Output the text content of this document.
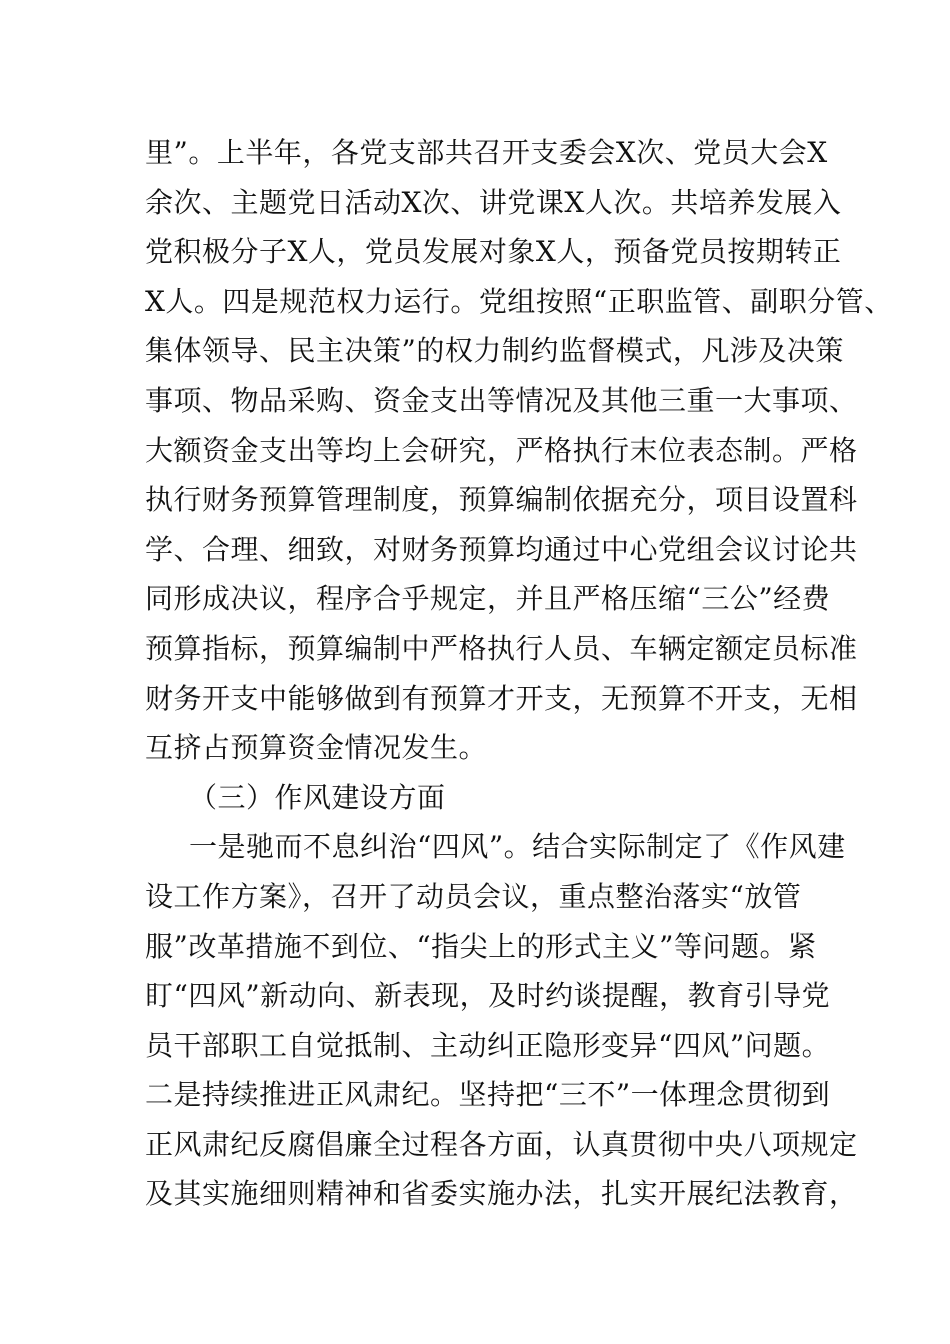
里”。上半年，各党支部共召开支委会X次、党员大会X
余次、主题党日活动X次、讲党课X人次。共培养发展入
党积极分子X人，党员发展对象X人，预备党员按期转正
X人。四是规范权力运行。党组按照“正职监管、副职分管、
集体领导、民主决策”的权力制约监督模式，凡涉及决策
事项、物品采购、资金支出等情况及其他三重一大事项、
大额资金支出等均上会研究，严格执行末位表态制。严格
执行财务预算管理制度，预算编制依据充分，项目设置科
学、合理、细致，对财务预算均通过中心党组会议讨论共
同形成决议，程序合乎规定，并且严格压缩“三公”经费
预算指标，预算编制中严格执行人员、车辆定额定员标准
财务开支中能够做到有预算才开支，无预算不开支，无相
互挤占预算资金情况发生。
（三）作风建设方面
一是驰而不息纠治“四风”。结合实际制定了《作风建
设工作方案》，召开了动员会议，重点整治落实“放管
服”改革措施不到位、“指尖上的形式主义”等问题。紧
盯“四风”新动向、新表现，及时约谈提醒，教育引导党
员干部职工自觉抵制、主动纠正隐形变异“四风”问题。
二是持续推进正风肃纪。坚持把“三不”一体理念贯彻到
正风肃纪反腐倡廉全过程各方面，认真贯彻中央八项规定
及其实施细则精神和省委实施办法，扎实开展纪法教育，
